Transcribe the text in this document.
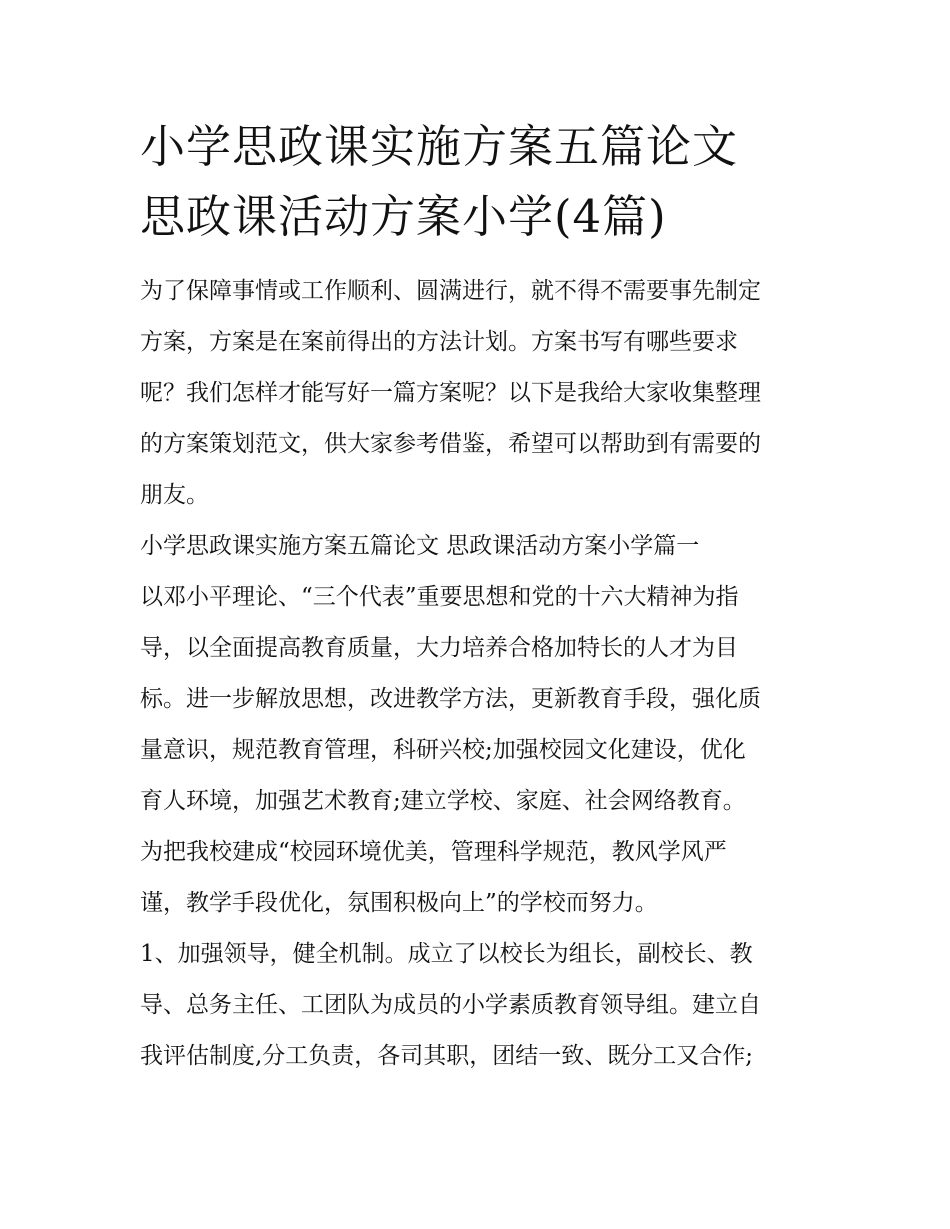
小学思政课实施方案五篇论文
思政课活动方案小学(4篇)

为了保障事情或工作顺利、圆满进行，就不得不需要事先制定
方案，方案是在案前得出的方法计划。方案书写有哪些要求
呢？我们怎样才能写好一篇方案呢？以下是我给大家收集整理
的方案策划范文，供大家参考借鉴，希望可以帮助到有需要的
朋友。

小学思政课实施方案五篇论文 思政课活动方案小学篇一

以邓小平理论、“三个代表”重要思想和党的十六大精神为指
导，以全面提高教育质量，大力培养合格加特长的人才为目
标。进一步解放思想，改进教学方法，更新教育手段，强化质
量意识，规范教育管理，科研兴校;加强校园文化建设，优化
育人环境，加强艺术教育;建立学校、家庭、社会网络教育。
为把我校建成“校园环境优美，管理科学规范，教风学风严
谨，教学手段优化，氛围积极向上”的学校而努力。

1、加强领导，健全机制。成立了以校长为组长，副校长、教
导、总务主任、工团队为成员的小学素质教育领导组。建立自
我评估制度,分工负责，各司其职，团结一致、既分工又合作;
